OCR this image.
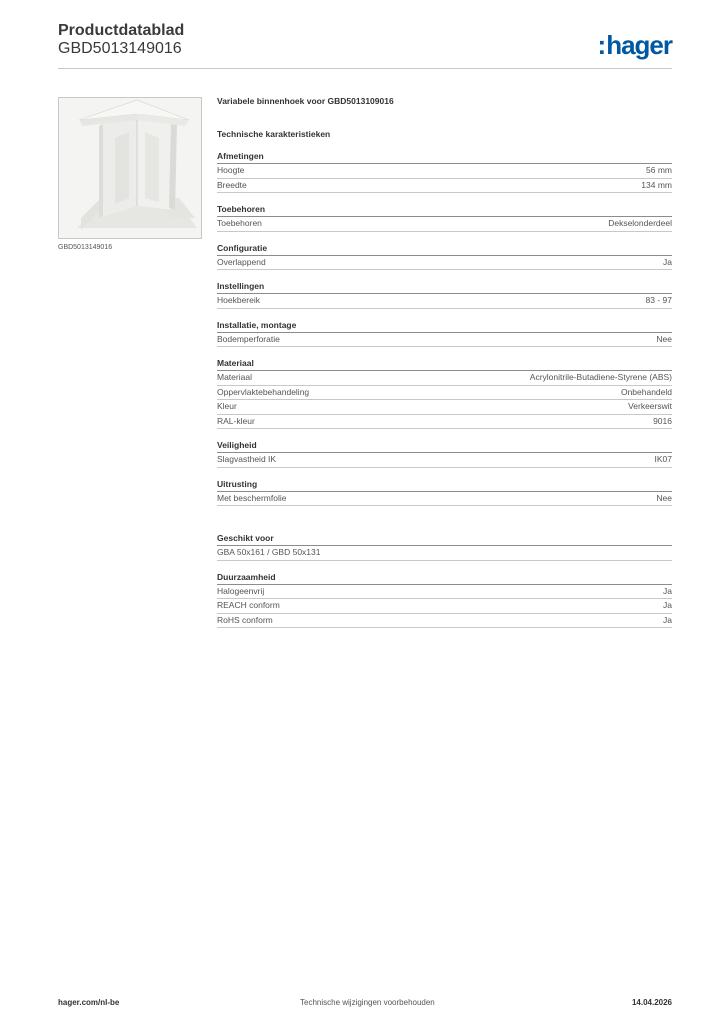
Productdatablad
GBD5013149016	:hager
GBD5013149016
Variabele binnenhoek voor GBD5013109016
Technische karakteristieken
Afmetingen
Hoogte	56 mm
Breedte	134 mm
Toebehoren
Toebehoren	Dekselonderdeel
Configuratie
Overlappend	Ja
Instellingen
Hoekbereik	83 - 97
Installatie, montage
Bodemperforatie	Nee
Materiaal
Materiaal	Acrylonitrile-Butadiene-Styrene (ABS)
Oppervlaktebehandeling	Onbehandeld
Kleur	Verkeerswit
RAL-kleur	9016
Veiligheid
Slagvastheid IK	IK07
Uitrusting
Met beschermfolie	Nee
Geschikt voor
GBA 50x161 / GBD 50x131
Duurzaamheid
Halogeenvrij	Ja
REACH conform	Ja
RoHS conform	Ja
hager.com/nl-be	Technische wijzigingen voorbehouden	14.04.2026
